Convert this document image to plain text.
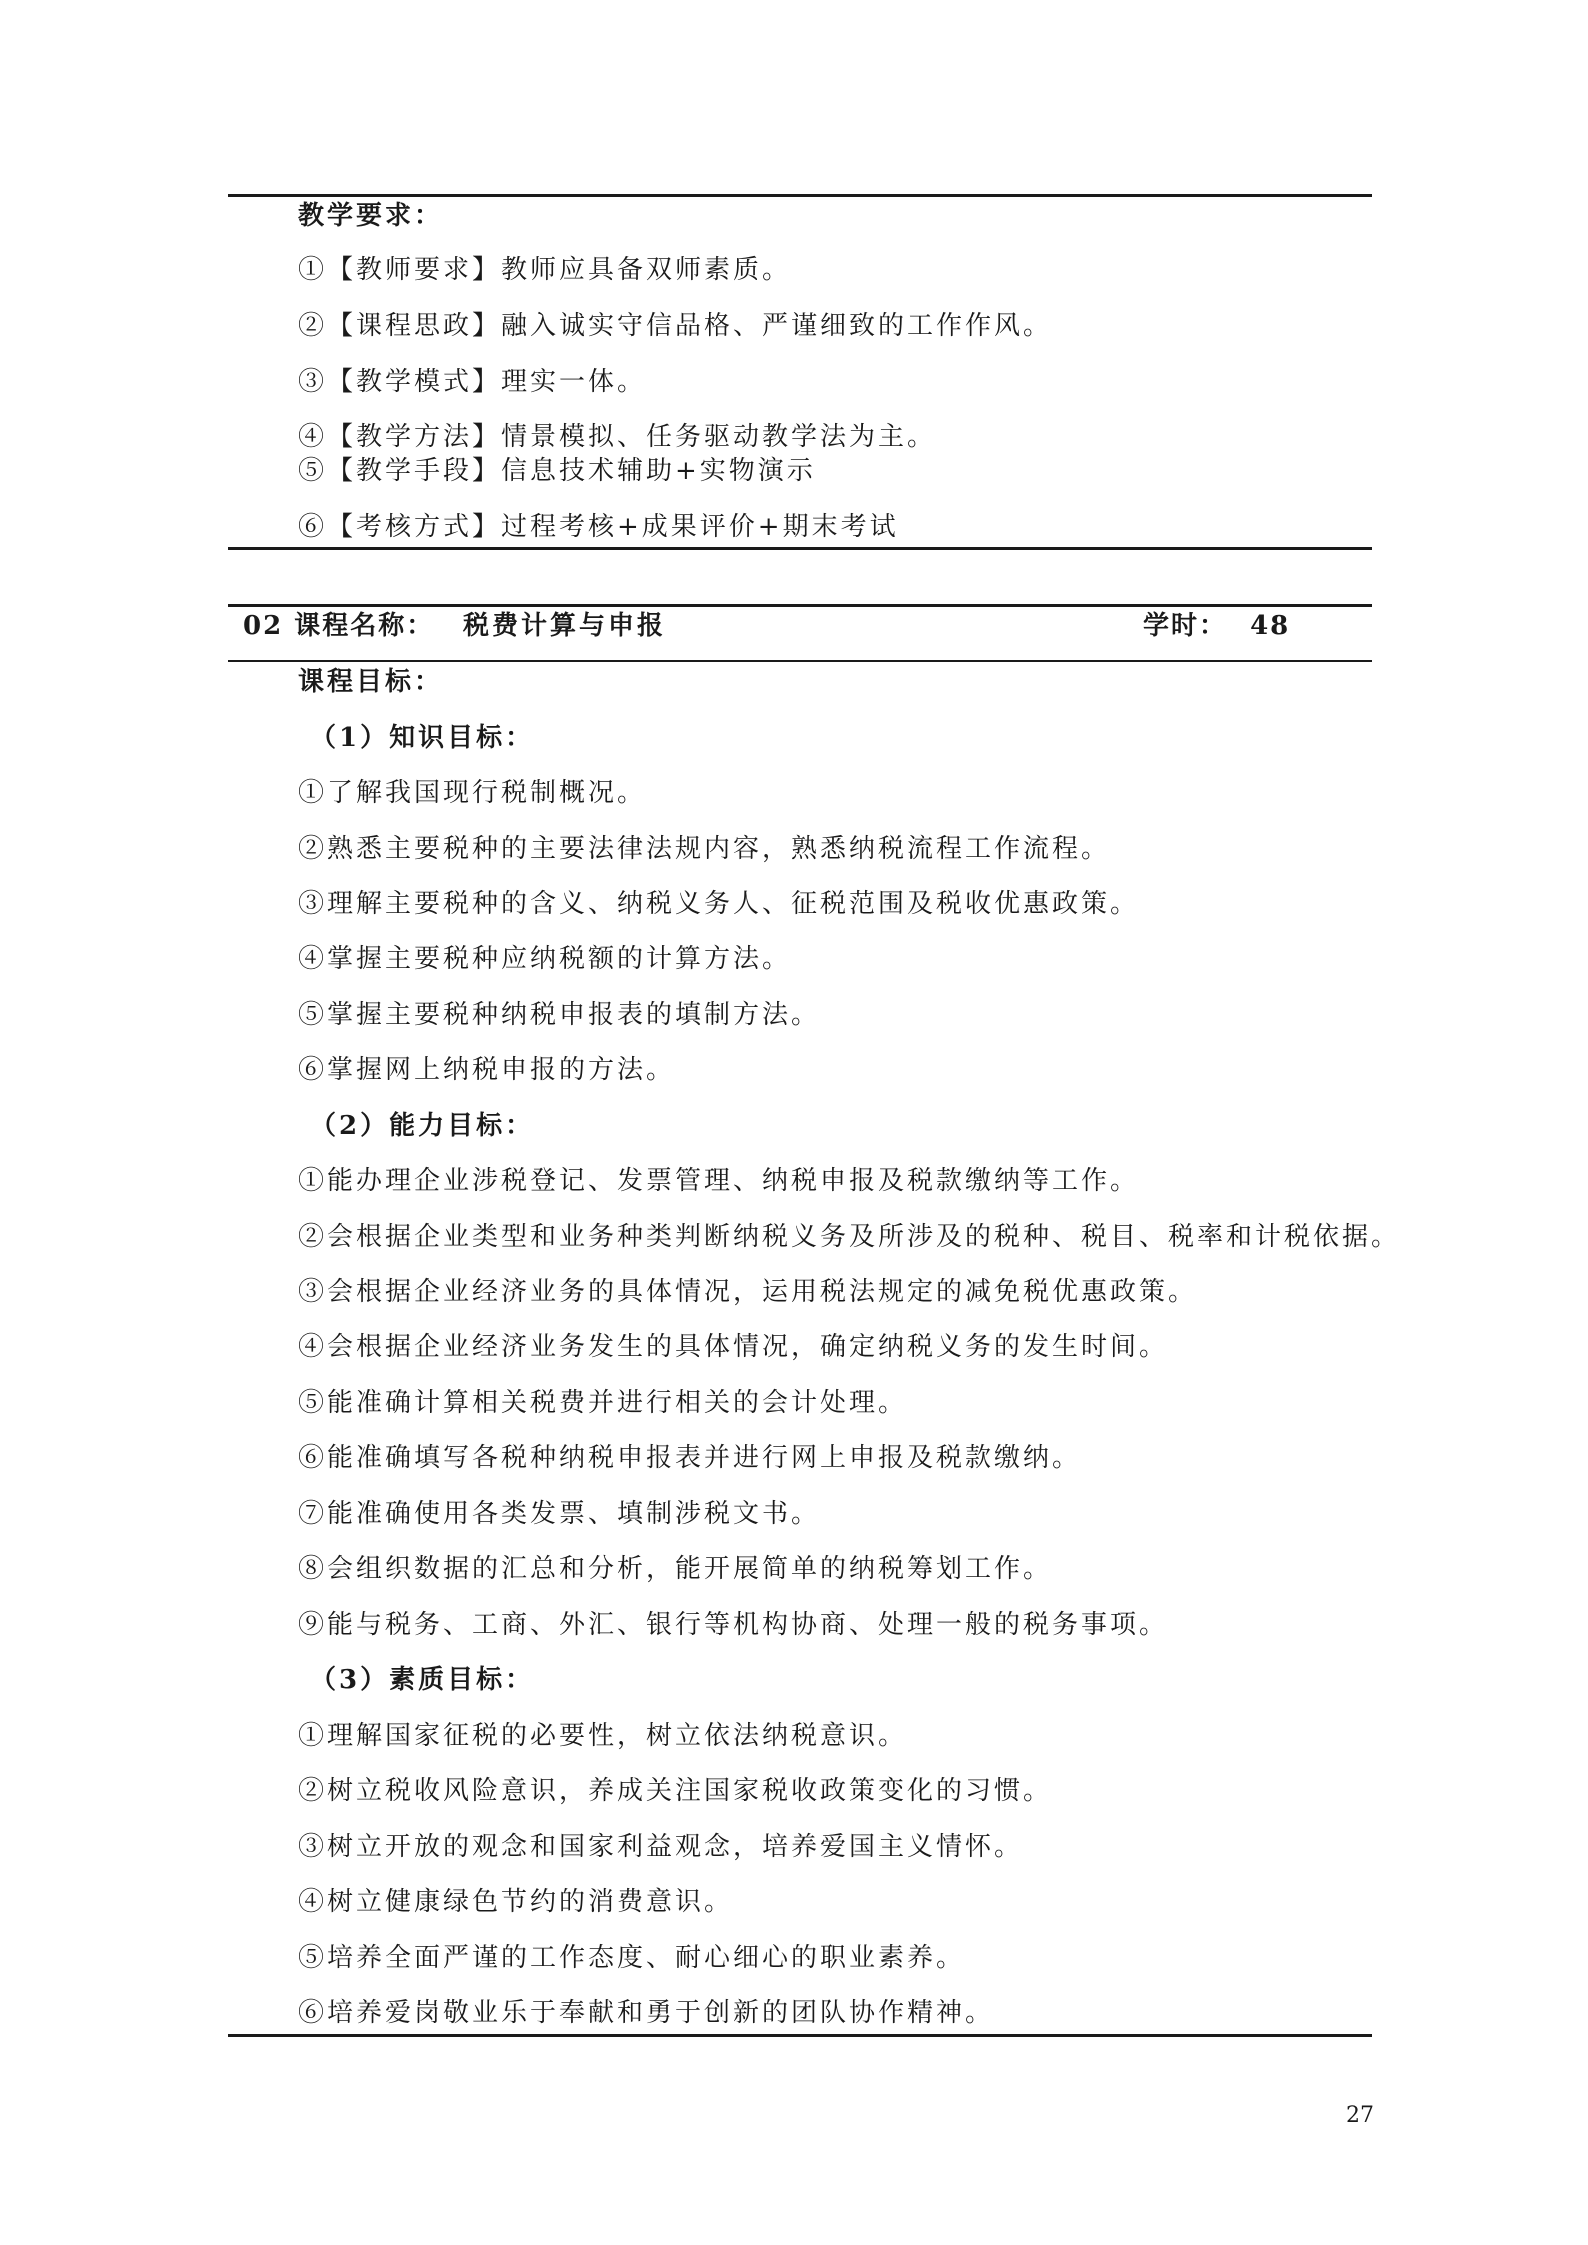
教学要求：
①【教师要求】教师应具备双师素质。
②【课程思政】融入诚实守信品格、严谨细致的工作作风。
③【教学模式】理实一体。
④【教学方法】情景模拟、任务驱动教学法为主。
⑤【教学手段】信息技术辅助+实物演示
⑥【考核方式】过程考核+成果评价+期末考试
02 课程名称： 税费计算与申报	学时： 48
课程目标：
（1）知识目标：
①了解我国现行税制概况。
②熟悉主要税种的主要法律法规内容，熟悉纳税流程工作流程。
③理解主要税种的含义、纳税义务人、征税范围及税收优惠政策。
④掌握主要税种应纳税额的计算方法。
⑤掌握主要税种纳税申报表的填制方法。
⑥掌握网上纳税申报的方法。
（2）能力目标：
①能办理企业涉税登记、发票管理、纳税申报及税款缴纳等工作。
②会根据企业类型和业务种类判断纳税义务及所涉及的税种、税目、税率和计税依据。
③会根据企业经济业务的具体情况，运用税法规定的减免税优惠政策。
④会根据企业经济业务发生的具体情况，确定纳税义务的发生时间。
⑤能准确计算相关税费并进行相关的会计处理。
⑥能准确填写各税种纳税申报表并进行网上申报及税款缴纳。
⑦能准确使用各类发票、填制涉税文书。
⑧会组织数据的汇总和分析，能开展简单的纳税筹划工作。
⑨能与税务、工商、外汇、银行等机构协商、处理一般的税务事项。
（3）素质目标：
①理解国家征税的必要性，树立依法纳税意识。
②树立税收风险意识，养成关注国家税收政策变化的习惯。
③树立开放的观念和国家利益观念，培养爱国主义情怀。
④树立健康绿色节约的消费意识。
⑤培养全面严谨的工作态度、耐心细心的职业素养。
⑥培养爱岗敬业乐于奉献和勇于创新的团队协作精神。
27
